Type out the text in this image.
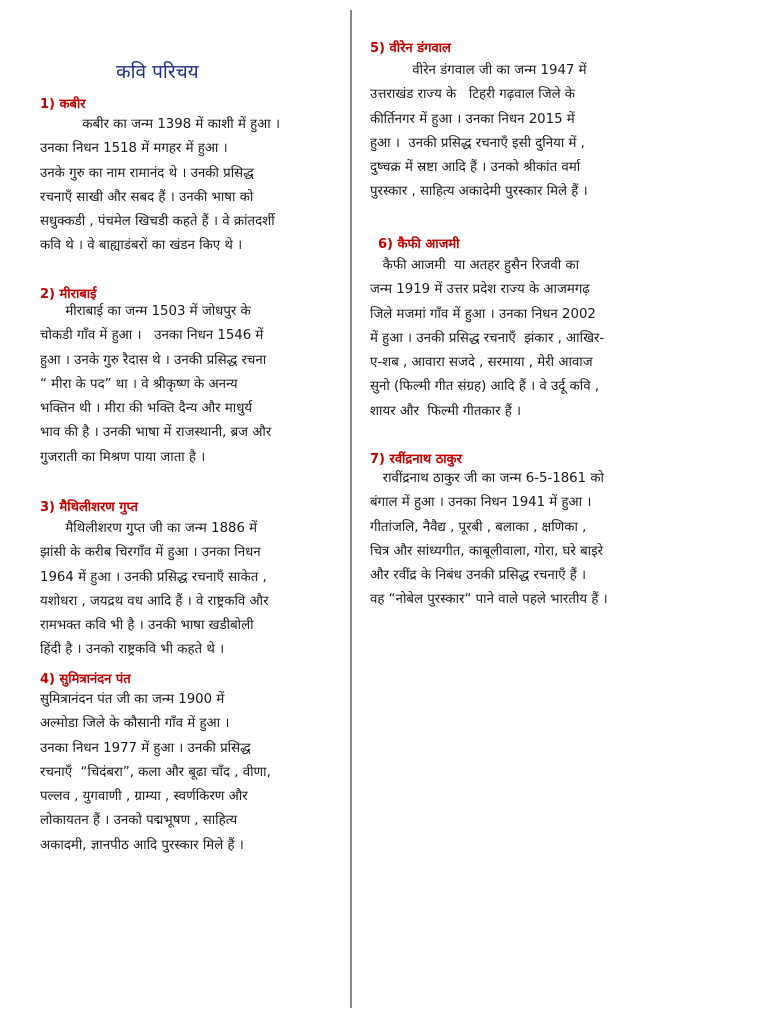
कवि परिचय
1) कबीर
कबीर का जन्म 1398 में काशी में हुआ ।
उनका निधन 1518 में मगहर में हुआ ।
उनके गुरु का नाम रामानंद थे । उनकी प्रसिद्ध
रचनाएँ साखी और सबद हैं । उनकी भाषा को
सधुक्कडी , पंचमेल खिचडी कहते हैं । वे क्रांतदर्शी
कवि थे । वे बाह्याडंबरों का खंडन किए थे ।
2) मीराबाई
मीराबाई का जन्म 1503 में जोधपुर के
चोकडी गाँव में हुआ ।   उनका निधन 1546 में
हुआ । उनके गुरु रैदास थे । उनकी प्रसिद्ध रचना
“ मीरा के पद” था । वे श्रीकृष्ण के अनन्य
भक्तिन थी । मीरा की भक्ति दैन्य और माधुर्य
भाव की है । उनकी भाषा में राजस्थानी, ब्रज और
गुजराती का मिश्रण पाया जाता है ।
3) मैथिलीशरण गुप्त
मैथिलीशरण गुप्त जी का जन्म 1886 में
झांसी के करीब चिरगाँव में हुआ । उनका निधन
1964 में हुआ । उनकी प्रसिद्ध रचनाएँ साकेत ,
यशोधरा , जयद्रथ वध आदि हैं । वे राष्ट्रकवि और
रामभक्त कवि भी है । उनकी भाषा खडीबोली
हिंदी है । उनको राष्ट्रकवि भी कहते थे ।
4) सुमित्रानंदन पंत
सुमित्रानंदन पंत जी का जन्म 1900 में
अल्मोडा जिले के कौसानी गाँव में हुआ ।
उनका निधन 1977 में हुआ । उनकी प्रसिद्ध
रचनाएँ  “चिदंबरा”, कला और बूढा चाँद , वीणा,
पल्लव , युगवाणी , ग्राम्या , स्वर्णकिरण और
लोकायतन हैं । उनको पद्मभूषण , साहित्य
अकादमी, ज्ञानपीठ आदि पुरस्कार मिले हैं ।
5) वीरेन डंगवाल
वीरेन डंगवाल जी का जन्म 1947 में
उत्तराखंड राज्य के   टिहरी गढ़वाल जिले के
कीर्तिनगर में हुआ । उनका निधन 2015 में
हुआ ।  उनकी प्रसिद्ध रचनाएँ इसी दुनिया में ,
दुष्चक्र में स्रष्टा आदि हैं । उनको श्रीकांत वर्मा
पुरस्कार , साहित्य अकादेमी पुरस्कार मिले हैं ।
6) कैफी आजमी
कैफी आजमी  या अतहर हुसैन रिजवी का
जन्म 1919 में उत्तर प्रदेश राज्य के आजमगढ़
जिले मजमां गाँव में हुआ । उनका निधन 2002
में हुआ । उनकी प्रसिद्ध रचनाएँ  झंकार , आखिर-
ए-शब , आवारा सजदे , सरमाया , मेरी आवाज
सुनो (फिल्मी गीत संग्रह) आदि हैं । वे उर्दू कवि ,
शायर और  फिल्मी गीतकार हैं ।
7) रवींद्रनाथ ठाकुर
रावींद्रनाथ ठाकुर जी का जन्म 6-5-1861 को
बंगाल में हुआ । उनका निधन 1941 में हुआ ।
गीतांजलि, नैवैद्य , पूरबी , बलाका , क्षणिका ,
चित्र और सांध्यगीत, काबूलीवाला, गोरा, घरे बाइरे
और रवींद्र के निबंध उनकी प्रसिद्ध रचनाएँ हैं ।
वह “नोबेल पुरस्कार“ पाने वाले पहले भारतीय हैं ।
